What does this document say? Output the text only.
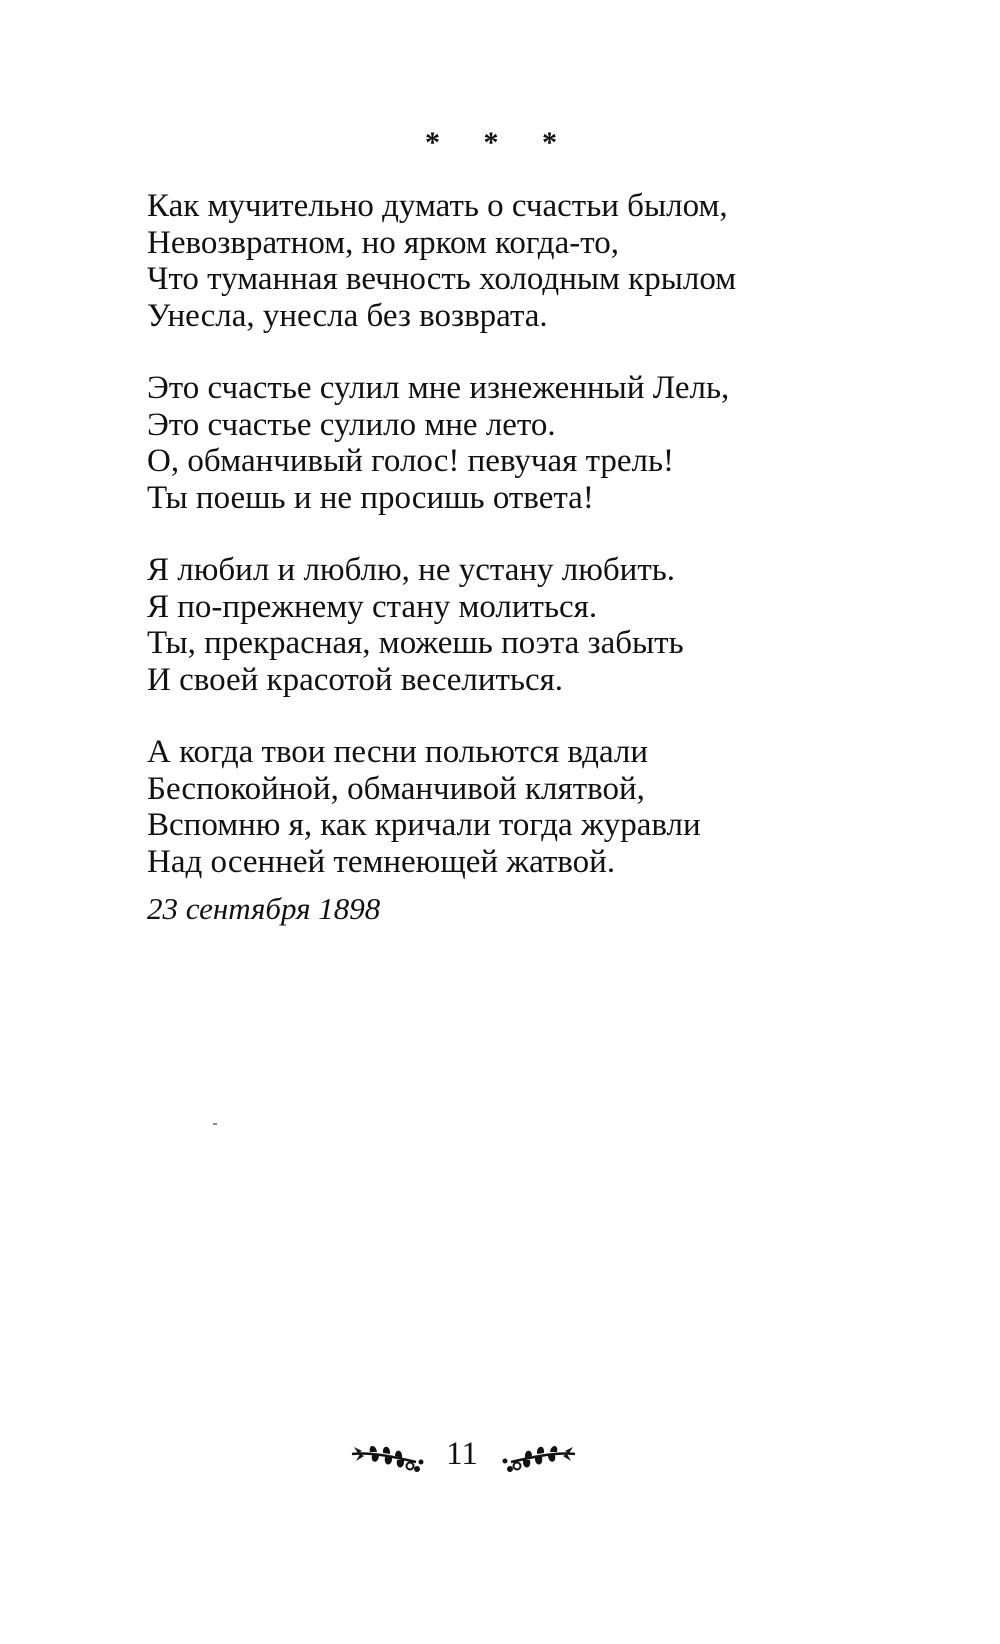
* * *
Как мучительно думать о счастьи былом,
Невозвратном, но ярком когда-то,
Что туманная вечность холодным крылом
Унесла, унесла без возврата.
Это счастье сулил мне изнеженный Лель,
Это счастье сулило мне лето.
О, обманчивый голос! певучая трель!
Ты поешь и не просишь ответа!
Я любил и люблю, не устану любить.
Я по-прежнему стану молиться.
Ты, прекрасная, можешь поэта забыть
И своей красотой веселиться.
А когда твои песни польются вдали
Беспокойной, обманчивой клятвой,
Вспомню я, как кричали тогда журавли
Над осенней темнеющей жатвой.
23 сентября 1898
11
